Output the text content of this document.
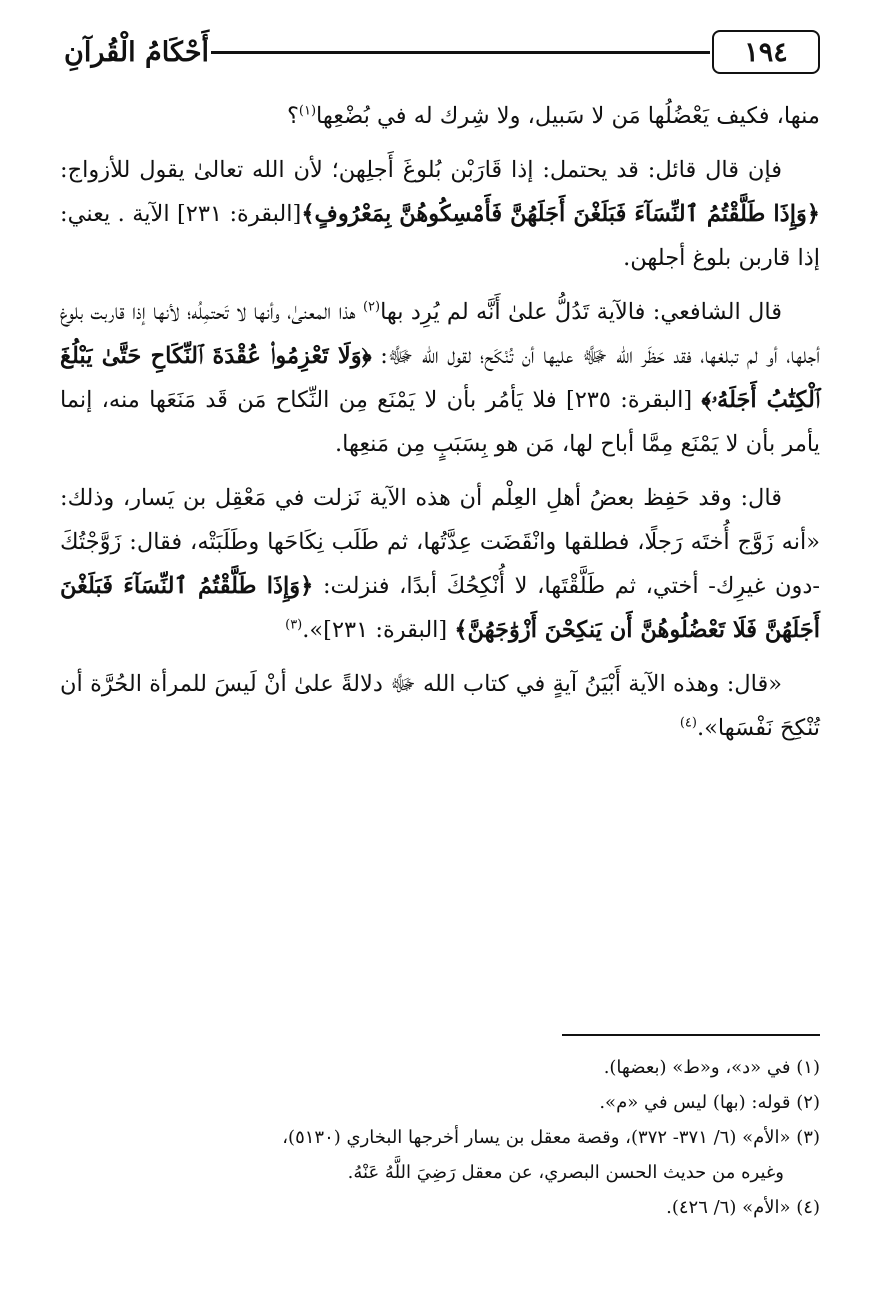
١٩٤
أَحْكَامُ الْقُرآنِ

منها، فكيف يَعْضُلُها مَن لا سَبيل، ولا شِرك له في بُضْعِها$^{(١)}$؟

فإن قال قائل: قد يحتمل: إذا قَارَبْن بُلوغَ أَجلِهن؛ لأن الله تعالىٰ يقول للأزواج: ﴿وَإِذَا طَلَّقْتُمُ ٱلنِّسَآءَ فَبَلَغْنَ أَجَلَهُنَّ فَأَمْسِكُوهُنَّ بِمَعْرُوفٍ﴾[البقرة: ٢٣١] الآية . يعني: إذا قاربن بلوغ أجلهن.

قال الشافعي: فالآية تَدُلُّ علىٰ أَنَّه لم يُرِد بها$^{(٢)}$ هذا المعنىٰ، وأنها لا تَحتمِلُه؛ لأنها إذا قاربت بلوغ أجلها، أو لم تبلغها، فقد حَظَر الله ﷻ عليها أن تُنْكَح؛ لقول الله ﷻ: ﴿وَلَا تَعْزِمُوا۟ عُقْدَةَ ٱلنِّكَاحِ حَتَّىٰ يَبْلُغَ ٱلْكِتَٰبُ أَجَلَهُۥ﴾ [البقرة: ٢٣٥] فلا يَأمُر بأن لا يَمْنَع مِن النِّكاح مَن قَد مَنَعَها منه، إنما يأمر بأن لا يَمْنَع مِمَّا أباح لها، مَن هو بِسَبَبٍ مِن مَنعِها.

قال: وقد حَفِظ بعضُ أهلِ العِلْم أن هذه الآية نَزلت في مَعْقِل بن يَسار، وذلك: «أنه زَوَّج أُختَه رَجلًا، فطلقها وانْقَضَت عِدَّتُها، ثم طَلَب نِكَاحَها وطَلَبَتْه، فقال: زَوَّجْتُكَ -دون غيرِك- أختي، ثم طَلَّقْتَها، لا أُنْكِحُكَ أبدًا، فنزلت: ﴿وَإِذَا طَلَّقْتُمُ ٱلنِّسَآءَ فَبَلَغْنَ أَجَلَهُنَّ فَلَا تَعْضُلُوهُنَّ أَن يَنكِحْنَ أَزْوَٰجَهُنَّ﴾ [البقرة: ٢٣١]».$^{(٣)}$

«قال: وهذه الآية أَبْيَنُ آيةٍ في كتاب الله ﷻ دلالةً علىٰ أنْ لَيسَ للمرأة الحُرَّة أن تُنْكِحَ نَفْسَها».$^{(٤)}$

(١) في «د»، و«ط» (بعضها).

(٢) قوله: (بها) ليس في «م».

(٣) «الأم» (٦/ ٣٧١- ٣٧٢)، وقصة معقل بن يسار أخرجها البخاري (٥١٣٠)،
وغيره من حديث الحسن البصري، عن معقل رَضِيَ اللَّهُ عَنْهُ.

(٤) «الأم» (٦/ ٤٢٦).
